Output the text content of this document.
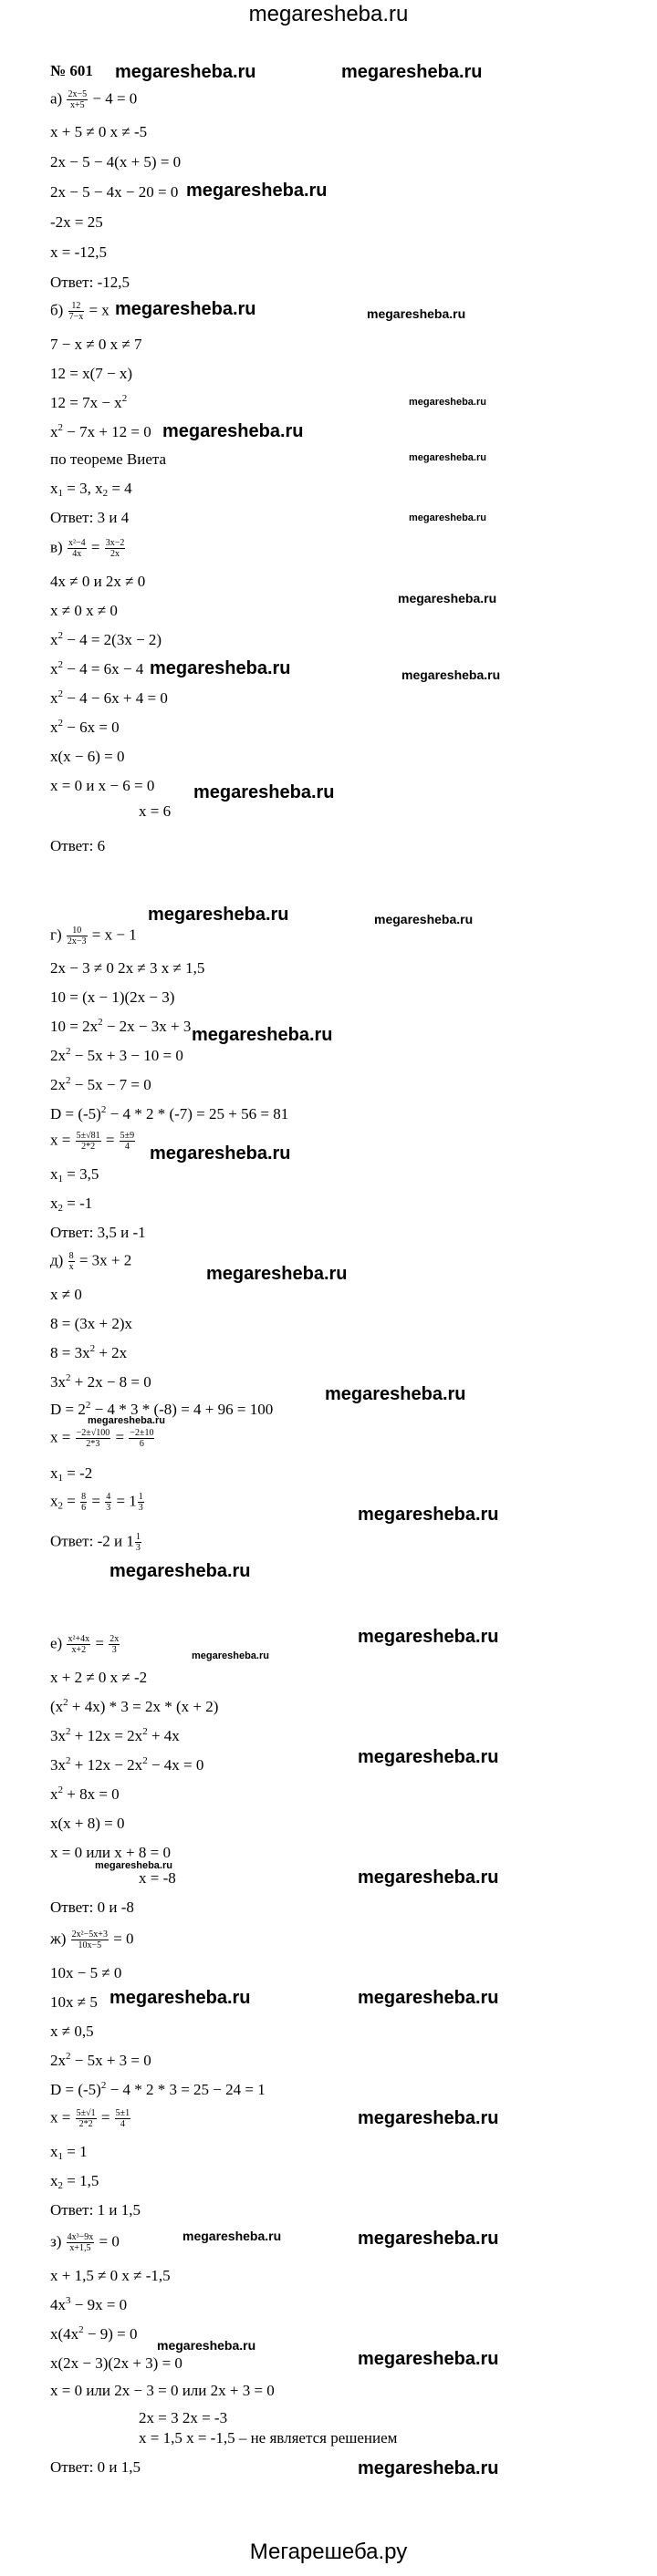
megaresheba.ru
Мегарешеба.ру
№ 601
$а) \frac{2x-5}{x+5} - 4 = 0$
x + 5 ≠ 0 x ≠ -5
2x − 5 − 4(x + 5) = 0
2x − 5 − 4x − 20 = 0
-2x = 25
x = -12,5
Ответ: -12,5
$б) \frac{12}{7-x} = x$
7 − x ≠ 0 x ≠ 7
12 = x(7 − x)
$12 = 7x - x^2$
$x^2 - 7x + 12 = 0$
по теореме Виета
$x_1 = 3$, $x_2 = 4$
Ответ: 3 и 4
$в) \frac{\text{x²−4}}{4x} = \frac{3x-2}{2x}$
4x ≠ 0 и 2x ≠ 0
x ≠ 0 x ≠ 0
$x^2 - 4 = 2(3x - 2)$
$x^2 - 4 = 6x - 4$
$x^2 - 4 - 6x + 4 = 0$
$x^2 - 6x = 0$
x(x − 6) = 0
x = 0 и x − 6 = 0
x = 6
Ответ: 6
$г) \frac{10}{2x-3} = x - 1$
2x − 3 ≠ 0 2x ≠ 3 x ≠ 1,5
10 = (x − 1)(2x − 3)
$10 = 2x^2 - 2x - 3x + 3$
$2x^2 - 5x + 3 - 10 = 0$
$2x^2 - 5x - 7 = 0$
$D = (-5)^2 - 4 * 2 * (-7) = 25 + 56 = 81$
$x = \frac{5\pm√81}{2*2} = \frac{5\pm 9}{4}$
$x_1 = 3,5$
$x_2 = -1$
Ответ: 3,5 и -1
$д) \frac{8}{x} = 3x + 2$
x ≠ 0
8 = (3x + 2)x
$8 = 3x^2 + 2x$
$3x^2 + 2x - 8 = 0$
$D = 2^2 - 4 * 3 * (-8) = 4 + 96 = 100$
$x = \frac{-2\pm√100}{2*3} = \frac{-2\pm 10}{6}$
$x_1 = -2$
$x_2 = \frac{8}{6} = \frac{4}{3} = 1 \frac{1}{3}$
Ответ: -2 и $1 \frac{1}{3}$
$е) \frac{\text{x²+4x}}{x+2} = \frac{2x}{3}$
x + 2 ≠ 0 x ≠ -2
$(x^2 + 4x) * 3 = 2x * (x + 2)$
$3x^2 + 12x = 2x^2 + 4x$
$3x^2 + 12x - 2x^2 - 4x = 0$
$x^2 + 8x = 0$
x(x + 8) = 0
x = 0 или x + 8 = 0
x = -8
Ответ: 0 и -8
$ж) \frac{\text{2x²−5x+3}}{10x-5} = 0$
10x − 5 ≠ 0
10x ≠ 5
x ≠ 0,5
$2x^2 - 5x + 3 = 0$
$D = (-5)^2 - 4 * 2 * 3 = 25 - 24 = 1$
$x = \frac{5\pm√1}{2*2} = \frac{5\pm 1}{4}$
$x_1 = 1$
$x_2 = 1,5$
Ответ: 1 и 1,5
$з) \frac{\text{4x³−9x}}{x+1,5} = 0$
x + 1,5 ≠ 0 x ≠ -1,5
$4x^3 - 9x = 0$
$x(4x^2 - 9) = 0$
x(2x − 3)(2x + 3) = 0
x = 0 или 2x − 3 = 0 или 2x + 3 = 0
2x = 3 2x = -3
x = 1,5 x = -1,5 – не является решением
Ответ: 0 и 1,5
megaresheba.ru	megaresheba.ru
megaresheba.ru
megaresheba.ru	megaresheba.ru
megaresheba.ru
megaresheba.ru
megaresheba.ru
megaresheba.ru
megaresheba.ru
megaresheba.ru	megaresheba.ru
megaresheba.ru
megaresheba.ru	megaresheba.ru
megaresheba.ru
megaresheba.ru
megaresheba.ru
megaresheba.ru
megaresheba.ru
megaresheba.ru
megaresheba.ru
megaresheba.ru
megaresheba.ru
megaresheba.ru
megaresheba.ru
megaresheba.ru
megaresheba.ru	megaresheba.ru
megaresheba.ru
megaresheba.ru	megaresheba.ru
megaresheba.ru
megaresheba.ru
megaresheba.ru
